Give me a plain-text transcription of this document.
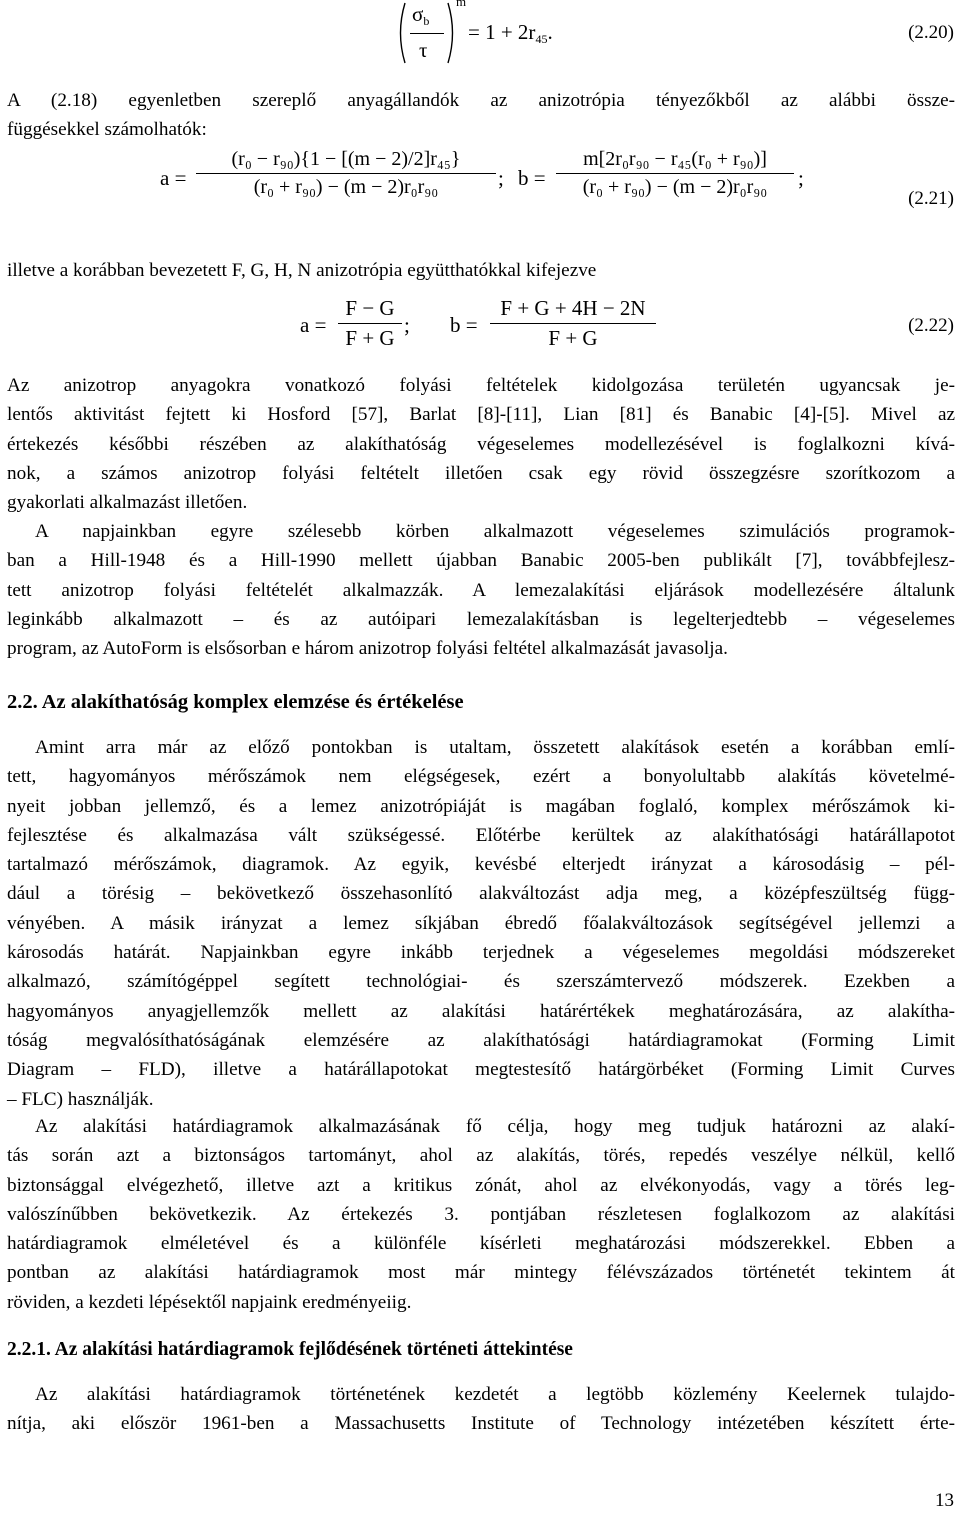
$\sigma_b$
τ
m
= $1 + 2r_{45}$.	(2.20)
A (2.18) egyenletben szereplő anyagállandók az anizotrópia tényezőkből az alábbi össze-
függésekkel számolhatók:
a =
(r₀ − r₉₀){1 − [(m − 2)/2]r₄₅}
(r₀ + r₉₀) − (m − 2)r₀r₉₀	; b =
m[2r₀r₉₀ − r₄₅(r₀ + r₉₀)]
(r₀ + r₉₀) − (m − 2)r₀r₉₀	;
(2.21)
illetve a korábban bevezetett F, G, H, N anizotrópia együtthatókkal kifejezve
a =
F − G
F + G
; b =
F + G + 4H − 2N
F + G
(2.22)
Az anizotrop anyagokra vonatkozó folyási feltételek kidolgozása területén ugyancsak je-
lentős aktivitást fejtett ki Hosford [57], Barlat [8]-[11], Lian [81] és Banabic [4]-[5]. Mivel az
értekezés későbbi részében az alakíthatóság végeselemes modellezésével is foglalkozni kívá-
nok, a számos anizotrop folyási feltételt illetően csak egy rövid összegzésre szorítkozom a
gyakorlati alkalmazást illetően.
A napjainkban egyre szélesebb körben alkalmazott végeselemes szimulációs programok-
ban a Hill-1948 és a Hill-1990 mellett újabban Banabic 2005-ben publikált [7], továbbfejlesz-
tett anizotrop folyási feltételét alkalmazzák. A lemezalakítási eljárások modellezésére általunk
leginkább alkalmazott – és az autóipari lemezalakításban is legelterjedtebb – végeselemes
program, az AutoForm is elsősorban e három anizotrop folyási feltétel alkalmazását javasolja.
2.2. Az alakíthatóság komplex elemzése és értékelése
Amint arra már az előző pontokban is utaltam, összetett alakítások esetén a korábban emlí-
tett, hagyományos mérőszámok nem elégségesek, ezért a bonyolultabb alakítás követelmé-
nyeit jobban jellemző, és a lemez anizotrópiáját is magában foglaló, komplex mérőszámok ki-
fejlesztése és alkalmazása vált szükségessé. Előtérbe kerültek az alakíthatósági határállapotot
tartalmazó mérőszámok, diagramok. Az egyik, kevésbé elterjedt irányzat a károsodásig – pél-
dául a törésig – bekövetkező összehasonlító alakváltozást adja meg, a középfeszültség függ-
vényében. A másik irányzat a lemez síkjában ébredő főalakváltozások segítségével jellemzi a
károsodás határát. Napjainkban egyre inkább terjednek a végeselemes megoldási módszereket
alkalmazó, számítógéppel segített technológiai- és szerszámtervező módszerek. Ezekben a
hagyományos anyagjellemzők mellett az alakítási határértékek meghatározására, az alakítha-
tóság megvalósíthatóságának elemzésére az alakíthatósági határdiagramokat (Forming Limit
Diagram – FLD), illetve a határállapotokat megtestesítő határgörbéket (Forming Limit Curves
– FLC) használják.
Az alakítási határdiagramok alkalmazásának fő célja, hogy meg tudjuk határozni az alakí-
tás során azt a biztonságos tartományt, ahol az alakítás, törés, repedés veszélye nélkül, kellő
biztonsággal elvégezhető, illetve azt a kritikus zónát, ahol az elvékonyodás, vagy a törés leg-
valószínűbben bekövetkezik. Az értekezés 3. pontjában részletesen foglalkozom az alakítási
határdiagramok elméletével és a különféle kísérleti meghatározási módszerekkel. Ebben a
pontban az alakítási határdiagramok most már mintegy félévszázados történetét tekintem át
röviden, a kezdeti lépésektől napjaink eredményeiig.
2.2.1. Az alakítási határdiagramok fejlődésének történeti áttekintése
Az alakítási határdiagramok történetének kezdetét a legtöbb közlemény Keelernek tulajdo-
nítja, aki először 1961-ben a Massachusetts Institute of Technology intézetében készített érte-
13
